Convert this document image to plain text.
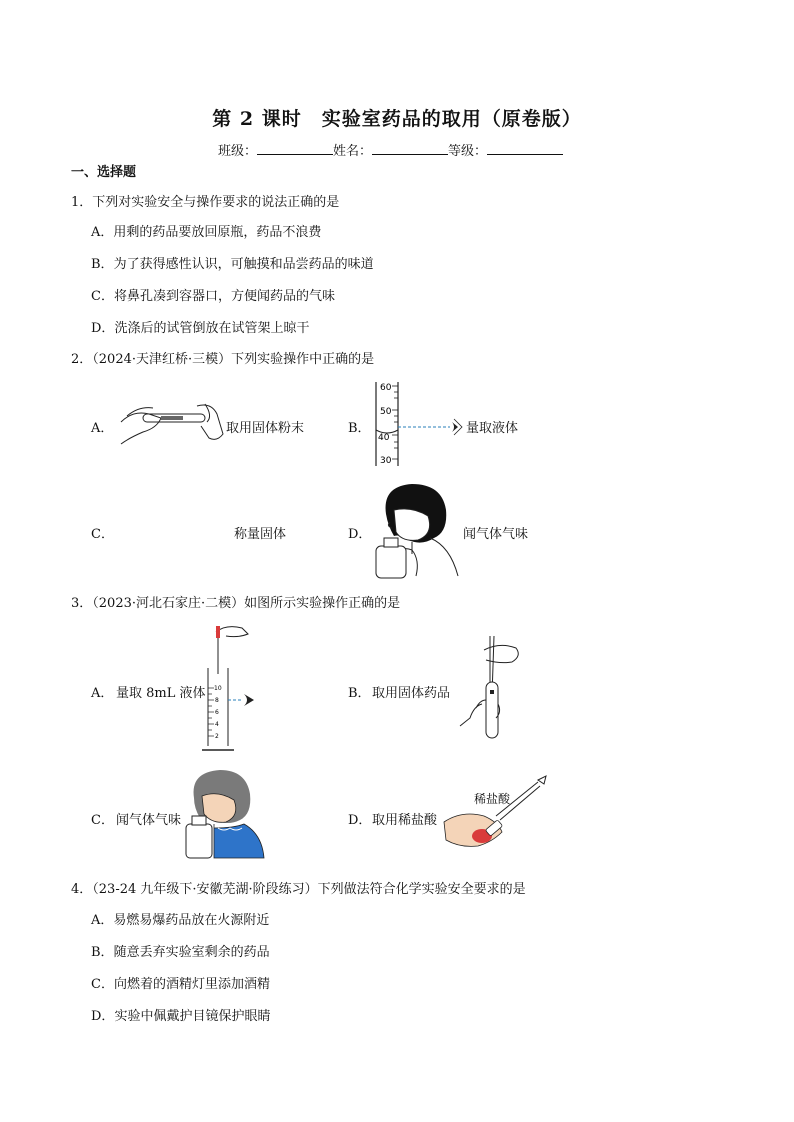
第 2 课时　实验室药品的取用（原卷版）
班级：	姓名：	等级：
一、选择题
1．下列对实验安全与操作要求的说法正确的是
A．用剩的药品要放回原瓶，药品不浪费
B．为了获得感性认识，可触摸和品尝药品的味道
C．将鼻孔凑到容器口，方便闻药品的气味
D．洗涤后的试管倒放在试管架上晾干
2．（2024·天津红桥·三模）下列实验操作中正确的是
A．	取用固体粉末	B．
60
50
40
30
量取液体
C．	称量固体	D．	闻气体气味
3．（2023·河北石家庄·二模）如图所示实验操作正确的是
A． 量取 8mL 液体 10
8
6
4
2
B． 取用固体药品
C． 闻气体气味	D． 取用稀盐酸
稀盐酸
4．（23-24 九年级下·安徽芜湖·阶段练习）下列做法符合化学实验安全要求的是
A．易燃易爆药品放在火源附近
B．随意丢弃实验室剩余的药品
C．向燃着的酒精灯里添加酒精
D．实验中佩戴护目镜保护眼睛
